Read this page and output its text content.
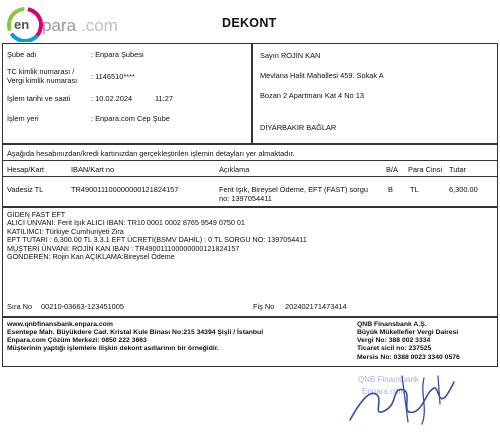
en para .com	DEKONT
Şube adı	: Enpara Şubesi
TC kimlik numarası /
Vergi kimlik numarası : 1146510****
İşlem tarihi ve saati	: 10.02.2024	11:27
İşlem yeri	: Enpara.com Cep Şube
Sayın ROJİN KAN
Mevlana Halit Mahallesi 459. Sokak A
Bozan 2 Apartmanı Kat 4 No 13
DİYARBAKIR BAĞLAR
Aşağıda hesabınızdan/kredi kartınızdan gerçekleştirilen işlemin detayları yer almaktadır.
Hesap/Kart	IBAN/Kart no	Açıklama	B/A Para Cinsi Tutar
Vadesiz TL	TR490011100000000121824157	Ferit Işık, Bireysel Ödeme, EFT (FAST) sorgu
no: 1397054411
B TL	6,300.00
GİDEN FAST EFT
ALICI ÜNVANI: Ferit Işık ALICI IBAN: TR10 0001 0002 8765 9549 0750 01
KATILIMCI: Türkiye Cumhuriyeti Zira
EFT TUTARI : 6,300.00 TL 3.3.1 EFT ÜCRETİ(BSMV DAHİL) : 0 TL SORGU NO: 1397054411
MÜŞTERİ ÜNVANI: ROJİN KAN IBAN : TR490011100000000121824157
GÖNDEREN: Rojin Kan AÇIKLAMA:Bireysel Ödeme
Sıra No 00210-03663-123451005	Fiş No 202402171473414
www.qnbfinansbank.enpara.com
Esentepe Mah. Büyükdere Cad. Kristal Kule Binası No:215 34394 Şişli / İstanbul
Enpara.com Çözüm Merkezi: 0850 222 3663
Müşterinin yaptığı işlemlere ilişkin dekont asıllarının bir örneğidir.
QNB Finansbank A.Ş.
Büyük Mükellefler Vergi Dairesi
Vergi No: 388 002 3334
Ticaret sicil no: 237525
Mersis No: 0388 0023 3340 0576
QNB Finansbank
Enpara.com
